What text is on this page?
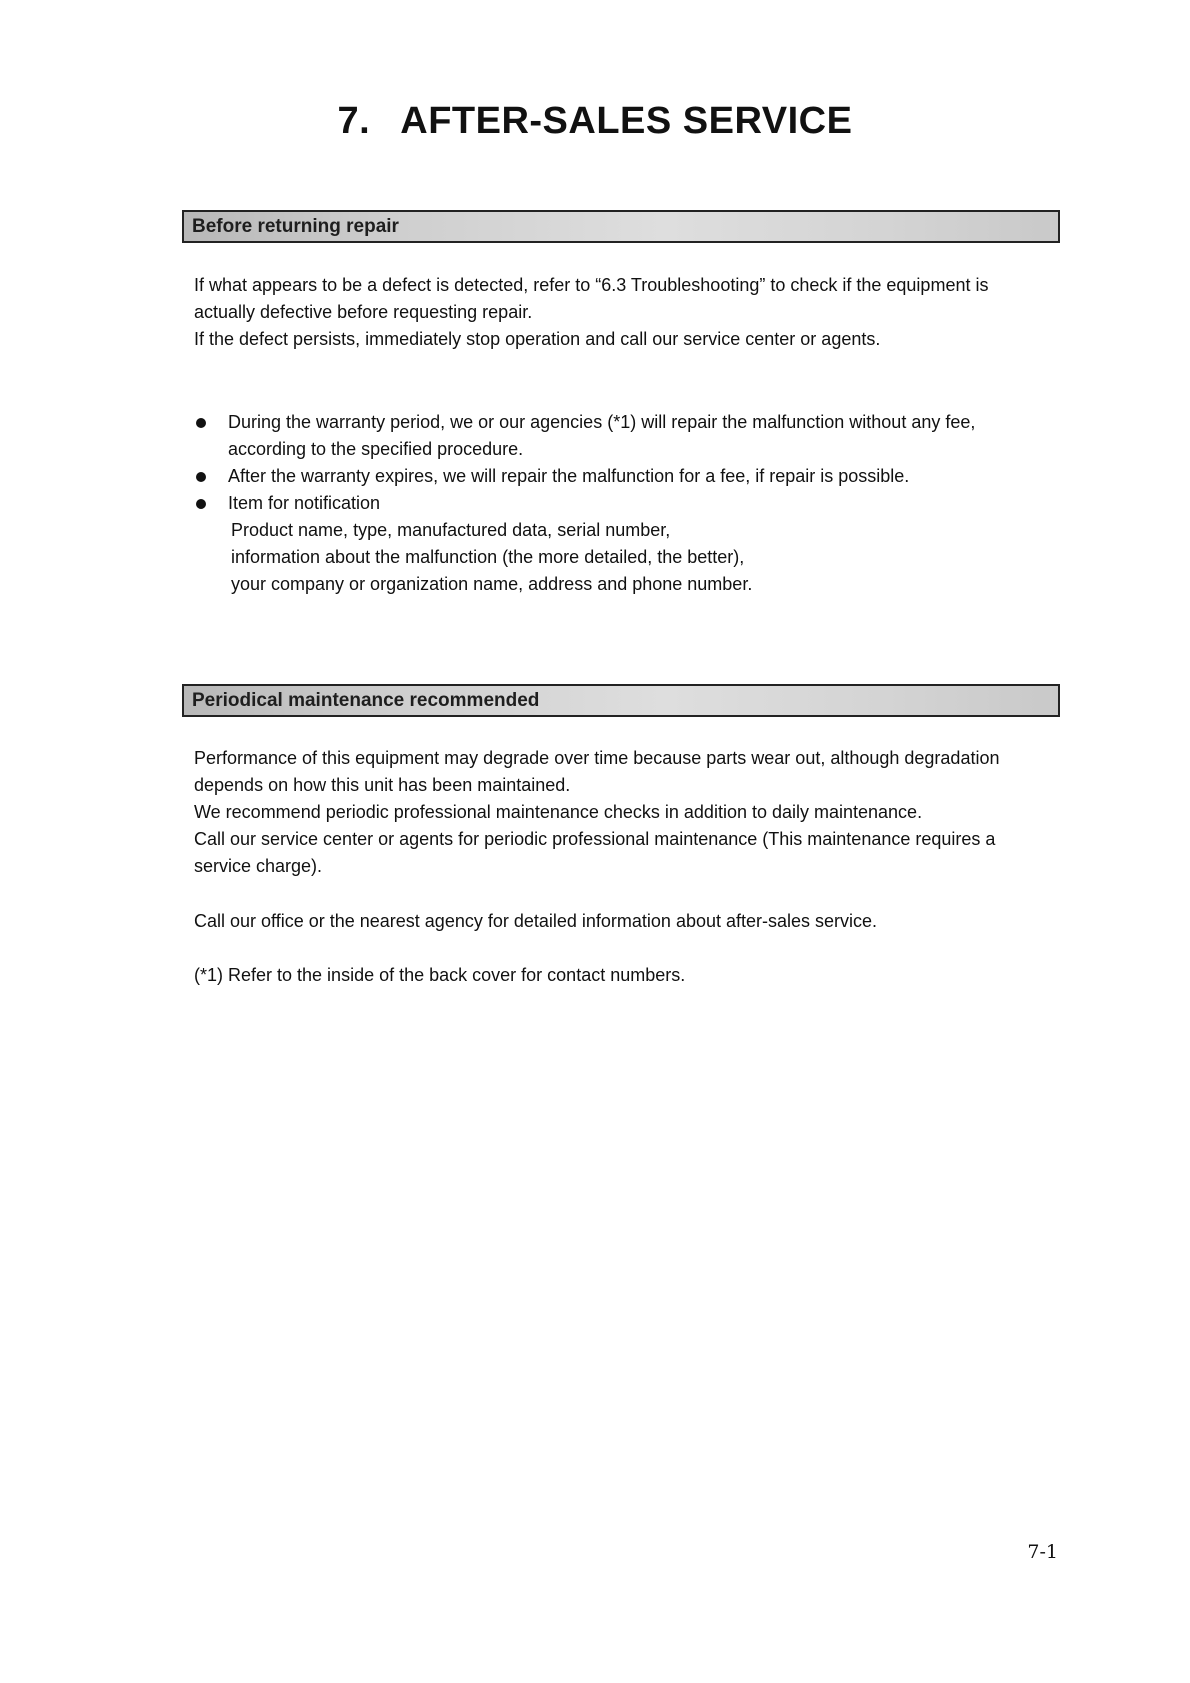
7. AFTER-SALES SERVICE
Before returning repair
If what appears to be a defect is detected, refer to “6.3 Troubleshooting” to check if the equipment is
actually defective before requesting repair.
If the defect persists, immediately stop operation and call our service center or agents.
During the warranty period, we or our agencies (*1) will repair the malfunction without any fee,
according to the specified procedure.
After the warranty expires, we will repair the malfunction for a fee, if repair is possible.
Item for notification
Product name, type, manufactured data, serial number,
information about the malfunction (the more detailed, the better),
your company or organization name, address and phone number.
Periodical maintenance recommended
Performance of this equipment may degrade over time because parts wear out, although degradation
depends on how this unit has been maintained.
We recommend periodic professional maintenance checks in addition to daily maintenance.
Call our service center or agents for periodic professional maintenance (This maintenance requires a
service charge).

Call our office or the nearest agency for detailed information about after-sales service.

(*1) Refer to the inside of the back cover for contact numbers.

7-1
